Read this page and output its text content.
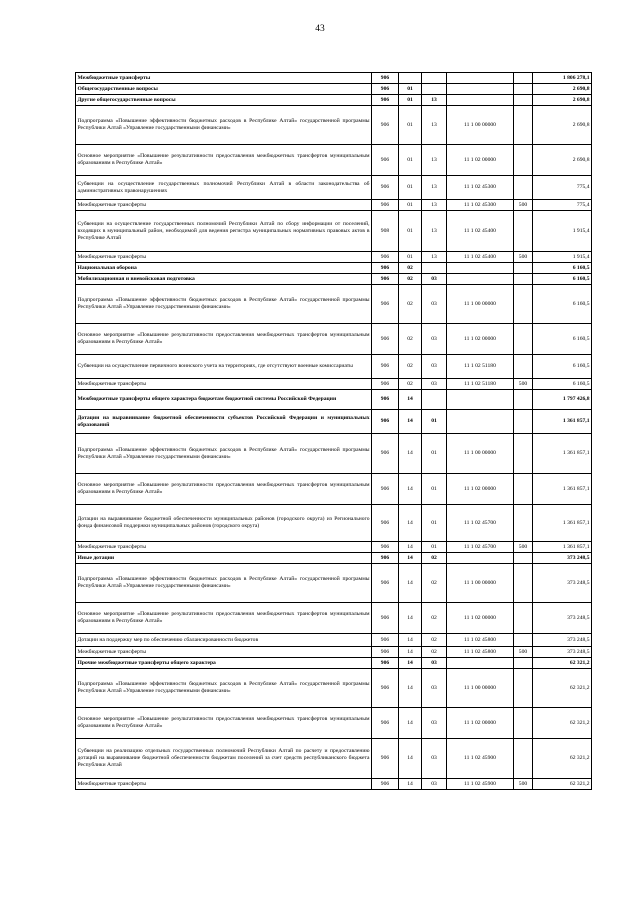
43
Межбюджетные трансферты	906					1 806 278,1
Общегосударственные вопросы	906	01				2 690,8
Другие общегосударственные вопросы	906	01	13			2 690,8
Подпрограмма «Повышение эффективности бюджетных расходов в Республике Алтай» государственной программы Республики Алтай «Управление государственными финансами»	906	01	13	11 1 00 00000		2 690,8
Основное мероприятие «Повышение результативности предоставления межбюджетных трансфертов муниципальным образованиям в Республике Алтай»	906	01	13	11 1 02 00000		2 690,8
Субвенции на осуществление государственных полномочий Республики Алтай в области законодательства об административных правонарушениях	906	01	13	11 1 02 45300		775,4
Межбюджетные трансферты	906	01	13	11 1 02 45300	500	775,4
Субвенции на осуществление государственных полномочий Республики Алтай по сбору информации от поселений, входящих в муниципальный район, необходимой для ведения регистра муниципальных нормативных правовых актов в Республике Алтай	908	01	13	11 1 02 45400		1 915,4
Межбюджетные трансферты	906	01	13	11 1 02 45400	500	1 915,4
Национальная оборона	906	02				6 160,5
Мобилизационная и вневойсковая подготовка	906	02	03			6 160,5
Подпрограмма «Повышение эффективности бюджетных расходов в Республике Алтай» государственной программы Республики Алтай «Управление государственными финансами»	906	02	03	11 1 00 00000		6 160,5
Основное мероприятие «Повышение результативности предоставления межбюджетных трансфертов муниципальным образованиям в Республике Алтай»	906	02	03	11 1 02 00000		6 160,5
Субвенции на осуществление первичного воинского учета на территориях, где отсутствуют военные комиссариаты	906	02	03	11 1 02 51180		6 160,5
Межбюджетные трансферты	906	02	03	11 1 02 51180	500	6 160,5
Межбюджетные трансферты общего характера бюджетам бюджетной системы Российской Федерации	906	14				1 797 426,8
Дотации на выравнивание бюджетной обеспеченности субъектов Российской Федерации и муниципальных образований	906	14	01			1 361 857,1
Подпрограмма «Повышение эффективности бюджетных расходов в Республике Алтай» государственной программы Республики Алтай «Управление государственными финансами»	906	14	01	11 1 00 00000		1 361 857,1
Основное мероприятие «Повышение результативности предоставления межбюджетных трансфертов муниципальным образованиям в Республике Алтай»	906	14	01	11 1 02 00000		1 361 857,1
Дотации на выравнивание бюджетной обеспеченности муниципальных районов (городского округа) из Регионального фонда финансовой поддержки муниципальных районов (городского округа)	906	14	01	11 1 02 45700		1 361 857,1
Межбюджетные трансферты	906	14	01	11 1 02 45700	500	1 361 857,1
Иные дотации	906	14	02			373 248,5
Подпрограмма «Повышение эффективности бюджетных расходов в Республике Алтай» государственной программы Республики Алтай «Управление государственными финансами»	906	14	02	11 1 00 00000		373 248,5
Основное мероприятие «Повышение результативности предоставления межбюджетных трансфертов муниципальным образованиям в Республике Алтай»	906	14	02	11 1 02 00000		373 248,5
Дотации на поддержку мер по обеспечению сбалансированности бюджетов	906	14	02	11 1 02 45800		373 248,5
Межбюджетные трансферты	906	14	02	11 1 02 45800	500	373 248,5
Прочие межбюджетные трансферты общего характера	906	14	03			62 321,2
Подпрограмма «Повышение эффективности бюджетных расходов в Республике Алтай» государственной программы Республики Алтай «Управление государственными финансами»	906	14	03	11 1 00 00000		62 321,2
Основное мероприятие «Повышение результативности предоставления межбюджетных трансфертов муниципальным образованиям в Республике Алтай»	906	14	03	11 1 02 00000		62 321,2
Субвенции на реализацию отдельных государственных полномочий Республики Алтай по расчету и предоставлению дотаций на выравнивание бюджетной обеспеченности бюджетам поселений за счет средств республиканского бюджета Республики Алтай	906	14	03	11 1 02 45900		62 321,2
Межбюджетные трансферты	906	14	03	11 1 02 45900	500	62 321,2
